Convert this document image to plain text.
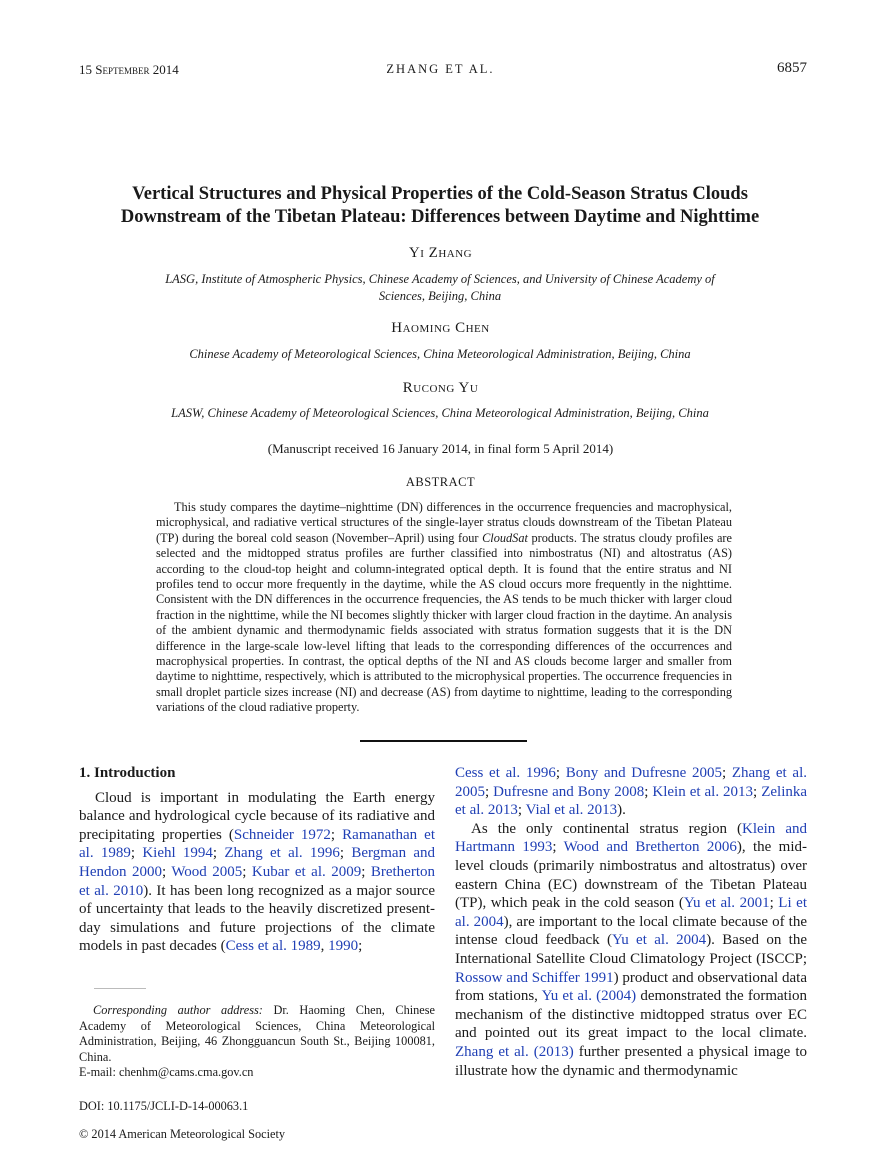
15 September 2014	ZHANG ET AL.	6857
Vertical Structures and Physical Properties of the Cold-Season Stratus Clouds
Downstream of the Tibetan Plateau: Differences between Daytime and Nighttime
Yi Zhang
LASG, Institute of Atmospheric Physics, Chinese Academy of Sciences, and University of Chinese Academy of
Sciences, Beijing, China
Haoming Chen
Chinese Academy of Meteorological Sciences, China Meteorological Administration, Beijing, China
Rucong Yu
LASW, Chinese Academy of Meteorological Sciences, China Meteorological Administration, Beijing, China
(Manuscript received 16 January 2014, in final form 5 April 2014)
ABSTRACT
This study compares the daytime–nighttime (DN) differences in the occurrence frequencies and macrophysical, microphysical, and radiative vertical structures of the single-layer stratus clouds downstream of the Tibetan Plateau (TP) during the boreal cold season (November–April) using four CloudSat products. The stratus cloudy profiles are selected and the midtopped stratus profiles are further classified into nimbostratus (NI) and altostratus (AS) according to the cloud-top height and column-integrated optical depth. It is found that the entire stratus and NI profiles tend to occur more frequently in the daytime, while the AS cloud occurs more frequently in the nighttime. Consistent with the DN differences in the occurrence frequencies, the AS tends to be much thicker with larger cloud fraction in the nighttime, while the NI becomes slightly thicker with larger cloud fraction in the daytime. An analysis of the ambient dynamic and thermodynamic fields associated with stratus formation suggests that it is the DN difference in the large-scale low-level lifting that leads to the corresponding differences of the occurrences and macrophysical properties. In contrast, the optical depths of the NI and AS clouds become larger and smaller from daytime to nighttime, respectively, which is attributed to the microphysical properties. The occurrence frequencies in small droplet particle sizes increase (NI) and decrease (AS) from daytime to nighttime, leading to the corresponding variations of the cloud radiative property.
1. Introduction

Cloud is important in modulating the Earth energy balance and hydrological cycle because of its radiative and precipitating properties (Schneider 1972; Ramanathan et al. 1989; Kiehl 1994; Zhang et al. 1996; Bergman and Hendon 2000; Wood 2005; Kubar et al. 2009; Bretherton et al. 2010). It has been long recognized as a major source of uncertainty that leads to the heavily discretized present-day simulations and future projections of the climate models in past decades (Cess et al. 1989, 1990;

Corresponding author address: Dr. Haoming Chen, Chinese Academy of Meteorological Sciences, China Meteorological Administration, Beijing, 46 Zhongguancun South St., Beijing 100081, China.

E-mail: chenhm@cams.cma.gov.cn

DOI: 10.1175/JCLI-D-14-00063.1
© 2014 American Meteorological Society

Cess et al. 1996; Bony and Dufresne 2005; Zhang et al. 2005; Dufresne and Bony 2008; Klein et al. 2013; Zelinka et al. 2013; Vial et al. 2013).

As the only continental stratus region (Klein and Hartmann 1993; Wood and Bretherton 2006), the mid-level clouds (primarily nimbostratus and altostratus) over eastern China (EC) downstream of the Tibetan Plateau (TP), which peak in the cold season (Yu et al. 2001; Li et al. 2004), are important to the local climate because of the intense cloud feedback (Yu et al. 2004). Based on the International Satellite Cloud Climatology Project (ISCCP; Rossow and Schiffer 1991) product and observational data from stations, Yu et al. (2004) demonstrated the formation mechanism of the distinctive midtopped stratus over EC and pointed out its great impact to the local climate. Zhang et al. (2013) further presented a physical image to illustrate how the dynamic and thermodynamic
